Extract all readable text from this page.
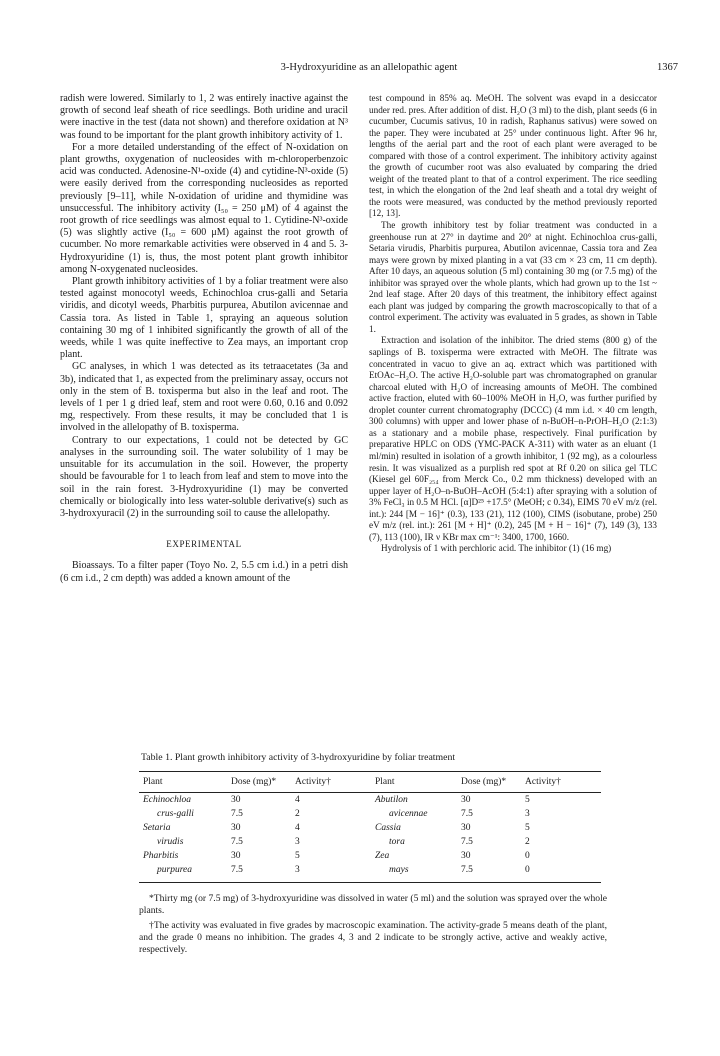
3-Hydroxyuridine as an allelopathic agent	1367

radish were lowered. Similarly to 1, 2 was entirely inactive against the growth of second leaf sheath of rice seedlings. Both uridine and uracil were inactive in the test (data not shown) and therefore oxidation at N³ was found to be important for the plant growth inhibitory activity of 1.

For a more detailed understanding of the effect of N-oxidation on plant growths, oxygenation of nucleosides with m-chloroperbenzoic acid was conducted. Adenosine-N¹-oxide (4) and cytidine-N³-oxide (5) were easily derived from the corresponding nucleosides as reported previously [9–11], while N-oxidation of uridine and thymidine was unsuccessful. The inhibitory activity (I₅₀ = 250 μM) of 4 against the root growth of rice seedlings was almost equal to 1. Cytidine-N³-oxide (5) was slightly active (I₅₀ = 600 μM) against the root growth of cucumber. No more remarkable activities were observed in 4 and 5. 3-Hydroxyuridine (1) is, thus, the most potent plant growth inhibitor among N-oxygenated nucleosides.

Plant growth inhibitory activities of 1 by a foliar treatment were also tested against monocotyl weeds, Echinochloa crus-galli and Setaria viridis, and dicotyl weeds, Pharbitis purpurea, Abutilon avicennae and Cassia tora. As listed in Table 1, spraying an aqueous solution containing 30 mg of 1 inhibited significantly the growth of all of the weeds, while 1 was quite ineffective to Zea mays, an important crop plant.

GC analyses, in which 1 was detected as its tetraacetates (3a and 3b), indicated that 1, as expected from the preliminary assay, occurs not only in the stem of B. toxisperma but also in the leaf and root. The levels of 1 per 1 g dried leaf, stem and root were 0.60, 0.16 and 0.092 mg, respectively. From these results, it may be concluded that 1 is involved in the allelopathy of B. toxisperma.

Contrary to our expectations, 1 could not be detected by GC analyses in the surrounding soil. The water solubility of 1 may be unsuitable for its accumulation in the soil. However, the property should be favourable for 1 to leach from leaf and stem to move into the soil in the rain forest. 3-Hydroxyuridine (1) may be converted chemically or biologically into less water-soluble derivative(s) such as 3-hydroxyuracil (2) in the surrounding soil to cause the allelopathy.

EXPERIMENTAL

Bioassays. To a filter paper (Toyo No. 2, 5.5 cm i.d.) in a petri dish (6 cm i.d., 2 cm depth) was added a known amount of the

test compound in 85% aq. MeOH. The solvent was evapd in a desiccator under red. pres. After addition of dist. H₂O (3 ml) to the dish, plant seeds (6 in cucumber, Cucumis sativus, 10 in radish, Raphanus sativus) were sowed on the paper. They were incubated at 25° under continuous light. After 96 hr, lengths of the aerial part and the root of each plant were averaged to be compared with those of a control experiment. The inhibitory activity against the growth of cucumber root was also evaluated by comparing the dried weight of the treated plant to that of a control experiment. The rice seedling test, in which the elongation of the 2nd leaf sheath and a total dry weight of the roots were measured, was conducted by the method previously reported [12, 13].

The growth inhibitory test by foliar treatment was conducted in a greenhouse run at 27° in daytime and 20° at night. Echinochloa crus-galli, Setaria virudis, Pharbitis purpurea, Abutilon avicennae, Cassia tora and Zea mays were grown by mixed planting in a vat (33 cm × 23 cm, 11 cm depth). After 10 days, an aqueous solution (5 ml) containing 30 mg (or 7.5 mg) of the inhibitor was sprayed over the whole plants, which had grown up to the 1st ~ 2nd leaf stage. After 20 days of this treatment, the inhibitory effect against each plant was judged by comparing the growth macroscopically to that of a control experiment. The activity was evaluated in 5 grades, as shown in Table 1.

Extraction and isolation of the inhibitor. The dried stems (800 g) of the saplings of B. toxisperma were extracted with MeOH. The filtrate was concentrated in vacuo to give an aq. extract which was partitioned with EtOAc–H₂O. The active H₂O-soluble part was chromatographed on granular charcoal eluted with H₂O of increasing amounts of MeOH. The combined active fraction, eluted with 60–100% MeOH in H₂O, was further purified by droplet counter current chromatography (DCCC) (4 mm i.d. × 40 cm length, 300 columns) with upper and lower phase of n-BuOH–n-PrOH–H₂O (2:1:3) as a stationary and a mobile phase, respectively. Final purification by preparative HPLC on ODS (YMC-PACK A-311) with water as an eluant (1 ml/min) resulted in isolation of a growth inhibitor, 1 (92 mg), as a colourless resin. It was visualized as a purplish red spot at Rf 0.20 on silica gel TLC (Kiesel gel 60F₂₅₄ from Merck Co., 0.2 mm thickness) developed with an upper layer of H₂O–n-BuOH–AcOH (5:4:1) after spraying with a solution of 3% FeCl₃ in 0.5 M HCl. [α]D²⁵ +17.5° (MeOH; c 0.34), EIMS 70 eV m/z (rel. int.): 244 [M − 16]⁺ (0.3), 133 (21), 112 (100), CIMS (isobutane, probe) 250 eV m/z (rel. int.): 261 [M + H]⁺ (0.2), 245 [M + H − 16]⁺ (7), 149 (3), 133 (7), 113 (100), IR ν KBr max cm⁻¹: 3400, 1700, 1660.

Hydrolysis of 1 with perchloric acid. The inhibitor (1) (16 mg)

Table 1. Plant growth inhibitory activity of 3-hydroxyuridine by foliar treatment
Plant	Dose (mg)*	Activity†	Plant	Dose (mg)*	Activity†
Echinochloa	30	4	Abutilon	30	5
crus-galli	7.5	2	avicennae	7.5	3
Setaria	30	4	Cassia	30	5
virudis	7.5	3	tora	7.5	2
Pharbitis	30	5	Zea	30	0
purpurea	7.5	3	mays	7.5	0

*Thirty mg (or 7.5 mg) of 3-hydroxyuridine was dissolved in water (5 ml) and the solution was sprayed over the whole plants.

†The activity was evaluated in five grades by macroscopic examination. The activity-grade 5 means death of the plant, and the grade 0 means no inhibition. The grades 4, 3 and 2 indicate to be strongly active, active and weakly active, respectively.
